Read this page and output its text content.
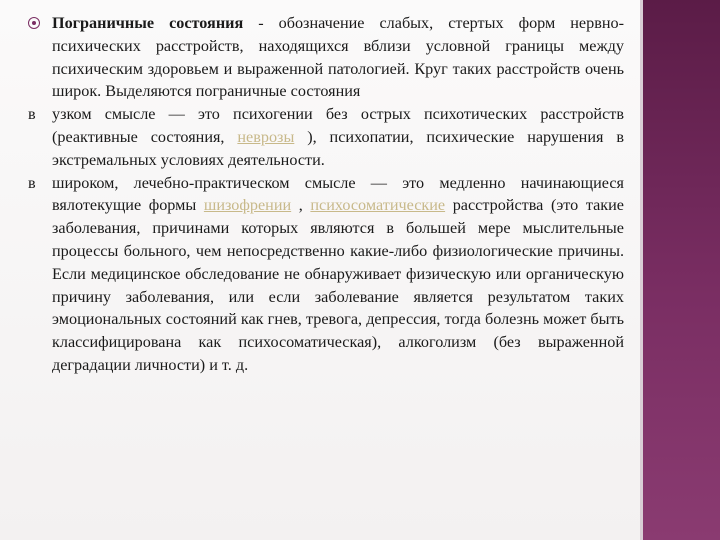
Пограничные состояния - обозначение слабых, стертых форм нервно-психических расстройств, находящихся вблизи условной границы между психическим здоровьем и выраженной патологией. Круг таких расстройств очень широк. Выделяются пограничные состояния

в	узком смысле — это психогении без острых психотических расстройств (реактивные состояния, неврозы ), психопатии, психические нарушения в экстремальных условиях деятельности.

в	широком, лечебно-практическом смысле — это медленно начинающиеся вялотекущие формы шизофрении , психосоматические расстройства (это такие заболевания, причинами которых являются в большей мере мыслительные процессы больного, чем непосредственно какие-либо физиологические причины. Если медицинское обследование не обнаруживает физическую или органическую причину заболевания, или если заболевание является результатом таких эмоциональных состояний как гнев, тревога, депрессия, тогда болезнь может быть классифицирована как психосоматическая), алкоголизм (без выраженной деградации личности) и т. д.
